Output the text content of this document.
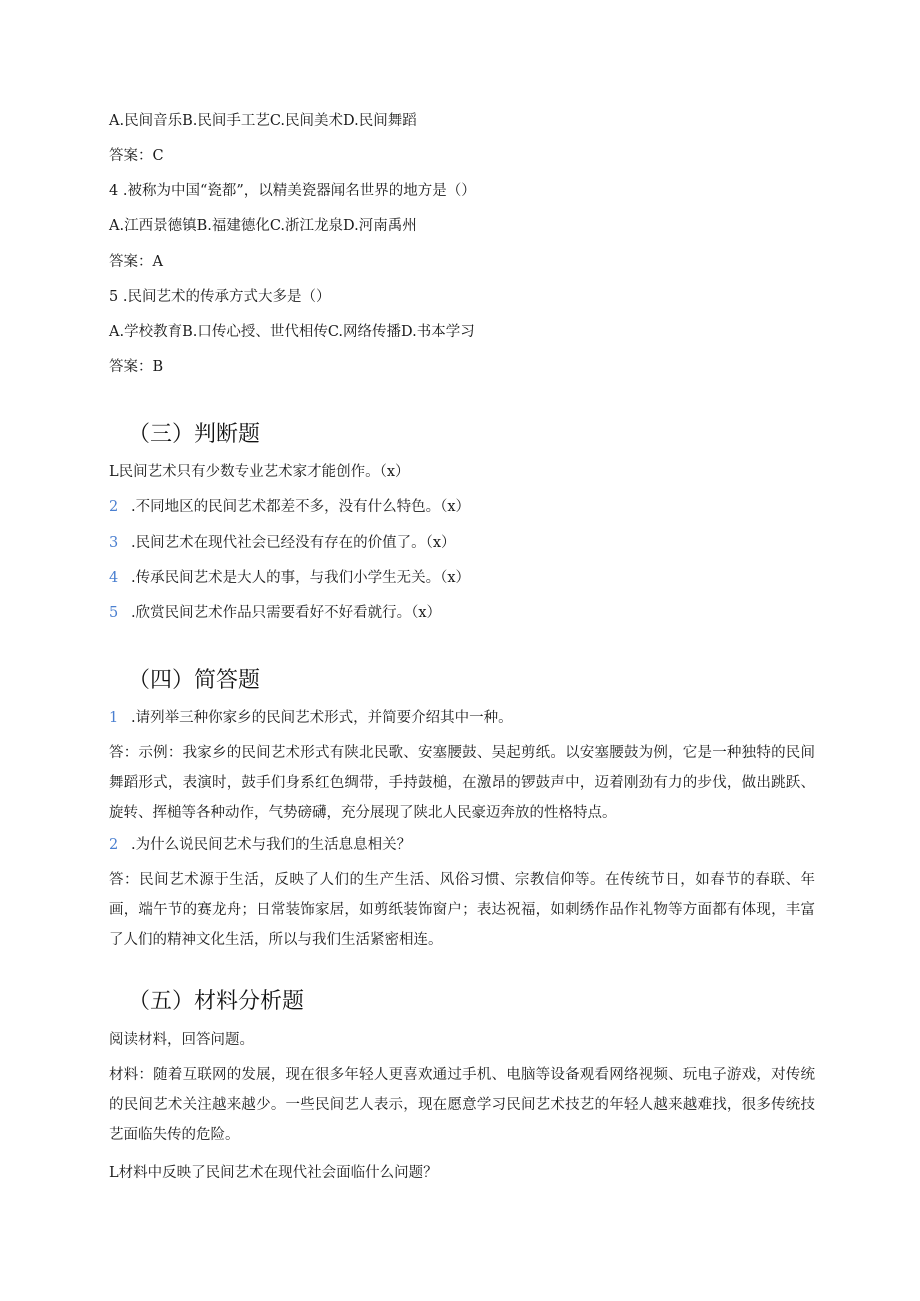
A.民间音乐B.民间手工艺C.民间美术D.民间舞蹈
答案：C
4 .被称为中国“瓷都”，以精美瓷器闻名世界的地方是（）
A.江西景德镇B.福建德化C.浙江龙泉D.河南禹州
答案：A
5 .民间艺术的传承方式大多是（）
A.学校教育B.口传心授、世代相传C.网络传播D.书本学习
答案：B
（三）判断题
L民间艺术只有少数专业艺术家才能创作。（x）
2 .不同地区的民间艺术都差不多，没有什么特色。（x）
3 .民间艺术在现代社会已经没有存在的价值了。（x）
4 .传承民间艺术是大人的事，与我们小学生无关。（x）
5 .欣赏民间艺术作品只需要看好不好看就行。（x）
（四）简答题
1 .请列举三种你家乡的民间艺术形式，并简要介绍其中一种。
答：示例：我家乡的民间艺术形式有陕北民歌、安塞腰鼓、吴起剪纸。以安塞腰鼓为例，它是一种独特的民间舞蹈形式，表演时，鼓手们身系红色绸带，手持鼓槌，在激昂的锣鼓声中，迈着刚劲有力的步伐，做出跳跃、旋转、挥槌等各种动作，气势磅礴，充分展现了陕北人民豪迈奔放的性格特点。
2 .为什么说民间艺术与我们的生活息息相关？
答：民间艺术源于生活，反映了人们的生产生活、风俗习惯、宗教信仰等。在传统节日，如春节的春联、年画，端午节的赛龙舟；日常装饰家居，如剪纸装饰窗户；表达祝福，如刺绣作品作礼物等方面都有体现，丰富了人们的精神文化生活，所以与我们生活紧密相连。
（五）材料分析题
阅读材料，回答问题。
材料：随着互联网的发展，现在很多年轻人更喜欢通过手机、电脑等设备观看网络视频、玩电子游戏，对传统的民间艺术关注越来越少。一些民间艺人表示，现在愿意学习民间艺术技艺的年轻人越来越难找，很多传统技艺面临失传的危险。
L材料中反映了民间艺术在现代社会面临什么问题？
